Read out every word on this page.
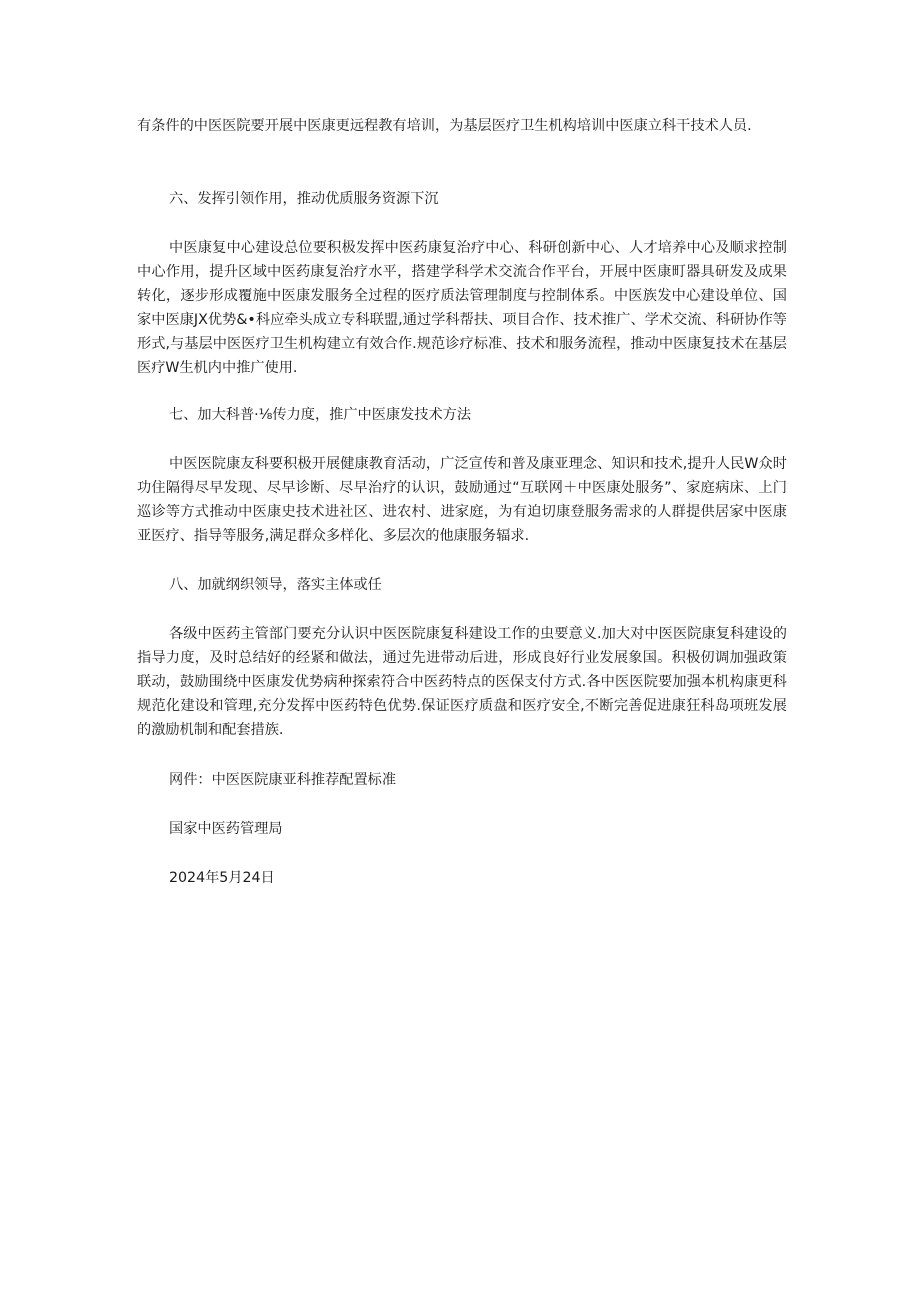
有条件的中医医院要开展中医康更远程教有培训，为基层医疗卫生机构培训中医康立科干技术人员.

六、发挥引领作用，推动优质服务资源下沉

中医康复中心建设总位要积极发挥中医药康复治疗中心、科研创新中心、人才培养中心及顺求控制中心作用，提升区域中医药康复治疗水平，搭建学科学术交流合作平台，开展中医康町器具研发及成果转化，逐步形成覆施中医康发服务全过程的医疗质法管理制度与控制体系。中医族发中心建设单位、国家中医康JX优势&•科应牵头成立专科联盟,通过学科帮扶、项目合作、技术推广、学术交流、科研协作等形式,与基层中医医疗卫生机构建立有效合作.规范诊疗标准、技术和服务流程，推动中医康复技术在基层医疗W生机内中推广使用.

七、加大科普·⅛传力度，推广中医康发技术方法

中医医院康友科要积极开展健康教育活动，广泛宣传和普及康亚理念、知识和技术,提升人民W众时功住隔得尽早发现、尽早诊断、尽早治疗的认识，鼓励通过“互联网＋中医康处服务”、家庭病床、上门巡诊等方式推动中医康史技术进社区、进农村、进家庭，为有迫切康登服务需求的人群提供居家中医康亚医疗、指导等服务,满足群众多样化、多层次的他康服务辐求.

八、加就纲织领导，落实主体或任

各级中医药主管部门要充分认识中医医院康复科建设工作的虫要意义.加大对中医医院康复科建设的指导力度，及时总结好的经紧和做法，通过先进带动后进，形成良好行业发展象国。积极仞调加强政策联动，鼓励围绕中医康发优势病种探索符合中医药特点的医保支付方式.各中医医院要加强本机构康更科规范化建设和管理,充分发挥中医药特色优势.保证医疗质盘和医疗安全,不断完善促进康狂科岛项班发展的激励机制和配套措族.

网件：中医医院康亚科推荐配置标准

国家中医药管理局

2024年5月24日
